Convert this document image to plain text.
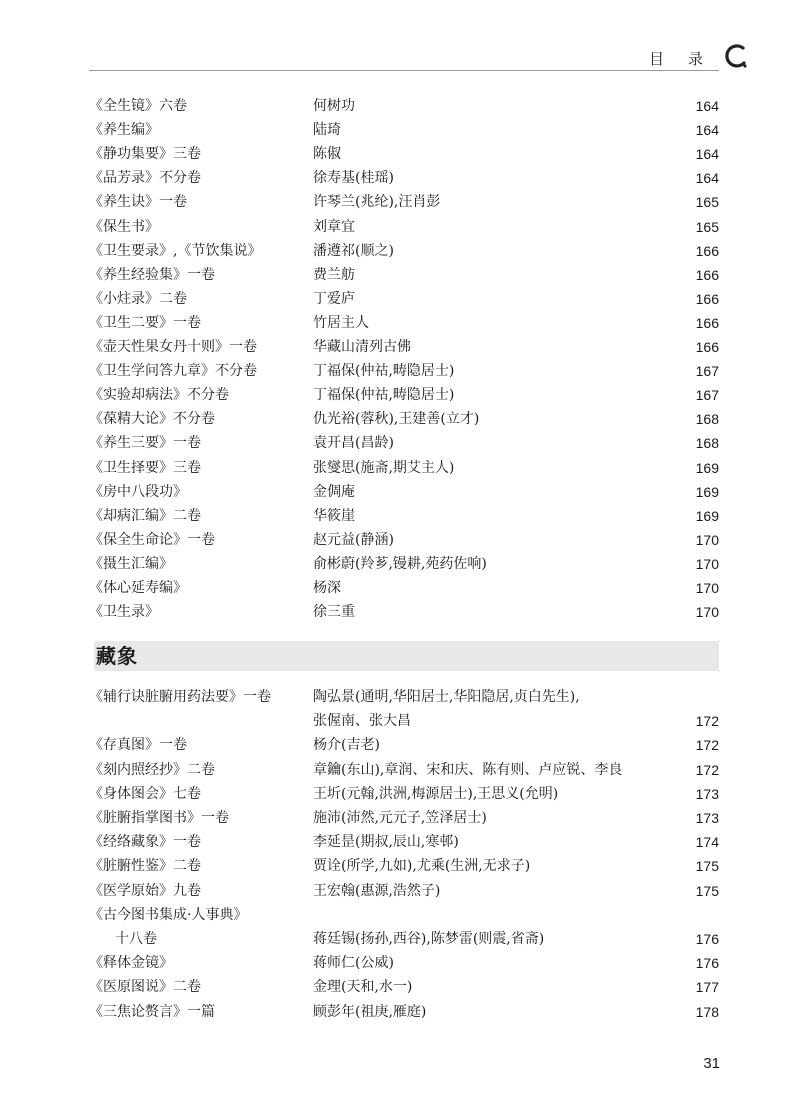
目录
《全生镜》六卷	何树功	164
《养生编》	陆琦	164
《静功集要》三卷	陈俶	164
《品芳录》不分卷	徐寿基(桂瑶)	164
《养生诀》一卷	许琴兰(兆纶),汪肖彭	165
《保生书》	刘章宜	165
《卫生要录》,《节饮集说》	潘遵祁(顺之)	166
《养生经验集》一卷	费兰舫	166
《小炷录》二卷	丁爱庐	166
《卫生二要》一卷	竹居主人	166
《壶天性果女丹十则》一卷	华藏山清列古佛	166
《卫生学问答九章》不分卷	丁福保(仲祜,畴隐居士)	167
《实验却病法》不分卷	丁福保(仲祜,畴隐居士)	167
《葆精大论》不分卷	仇光裕(蓉秋),王建善(立才)	168
《养生三要》一卷	袁开昌(昌龄)	168
《卫生择要》三卷	张燮思(施斋,期艾主人)	169
《房中八段功》	金倜庵	169
《却病汇编》二卷	华筱崖	169
《保全生命论》一卷	赵元益(静涵)	170
《摄生汇编》	俞彬蔚(羚芗,镘耕,苑药佐响)	170
《体心延寿编》	杨深	170
《卫生录》	徐三重	170
藏象
《辅行诀脏腑用药法要》一卷	陶弘景(通明,华阳居士,华阳隐居,贞白先生),
张偓南、张大昌	172
《存真图》一卷	杨介(吉老)	172
《刻内照经抄》二卷	章鑰(东山),章润、宋和庆、陈有则、卢应锐、李良	172
《身体图会》七卷	王圻(元翰,洪洲,梅源居士),王思义(允明)	173
《脏腑指掌图书》一卷	施沛(沛然,元元子,笠泽居士)	173
《经络藏象》一卷	李延昰(期叔,辰山,寒邨)	174
《脏腑性鉴》二卷	贾诠(所学,九如),尤乘(生洲,无求子)	175
《医学原始》九卷	王宏翰(惠源,浩然子)	175
《古今图书集成·人事典》
十八卷	蒋廷锡(扬孙,西谷),陈梦雷(则震,省斋)	176
《释体金镜》	蒋师仁(公威)	176
《医原图说》二卷	金理(天和,水一)	177
《三焦论赘言》一篇	顾彭年(祖庚,雁庭)	178
31
